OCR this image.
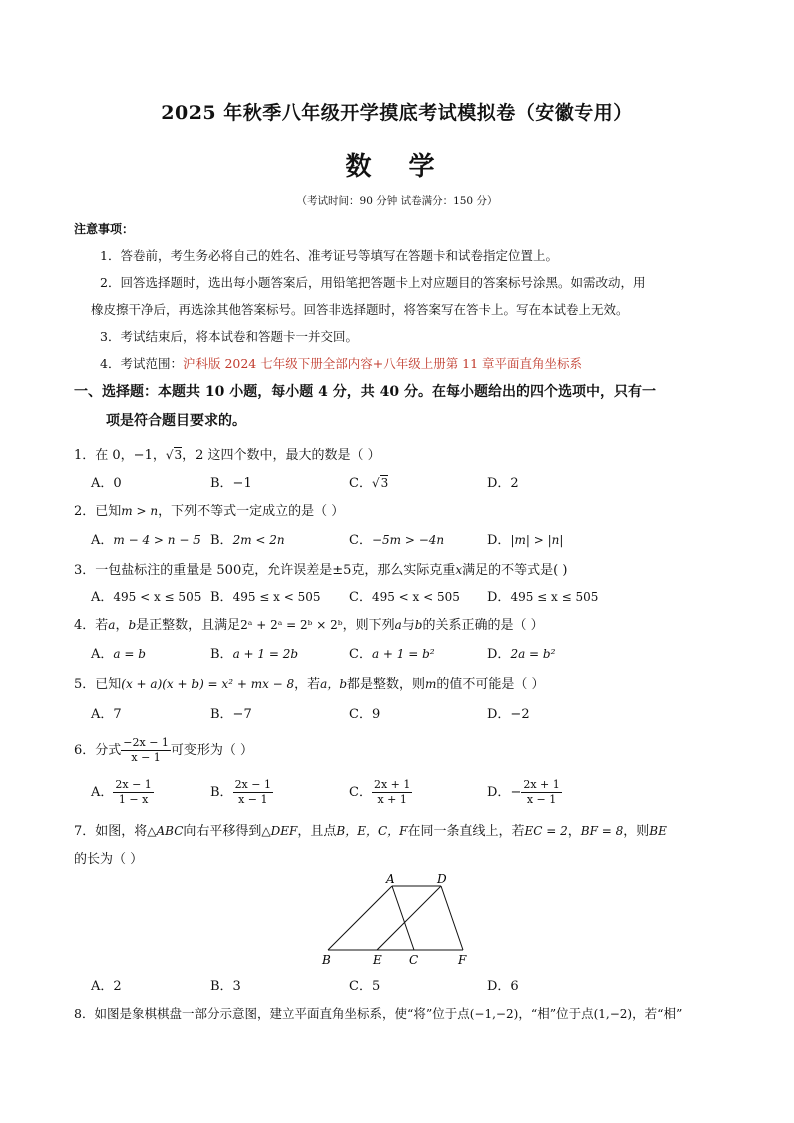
2025 年秋季八年级开学摸底考试模拟卷（安徽专用）
数 学
（考试时间：90 分钟 试卷满分：150 分）
注意事项：
1．答卷前，考生务必将自己的姓名、准考证号等填写在答题卡和试卷指定位置上。
2．回答选择题时，选出每小题答案后，用铅笔把答题卡上对应题目的答案标号涂黑。如需改动，用
橡皮擦干净后，再选涂其他答案标号。回答非选择题时，将答案写在答卡上。写在本试卷上无效。
3．考试结束后，将本试卷和答题卡一并交回。
4．考试范围：沪科版 2024 七年级下册全部内容+八年级上册第 11 章平面直角坐标系
一、选择题：本题共 10 小题，每小题 4 分，共 40 分。在每小题给出的四个选项中，只有一
项是符合题目要求的。
1．在 0，−1，√3，2 这四个数中，最大的数是（ ）
A．0	B．−1	C．√3	D．2
2．已知m > n，下列不等式一定成立的是（ ）
A．m − 4 > n − 5 B．2m < 2n	C．−5m > −4n	D．|m| > |n|
3．一包盐标注的重量是 500克，允许误差是±5克，那么实际克重x满足的不等式是( )
A．495 < x ≤ 505 B．495 ≤ x < 505 C．495 < x < 505 D．495 ≤ x ≤ 505
4．若a，b是正整数，且满足2ᵃ + 2ᵃ = 2ᵇ × 2ᵇ，则下列a与b的关系正确的是（ ）
A．a = b	B．a + 1 = 2b	C．a + 1 = b²	D．2a = b²
5．已知(x + a)(x + b) = x² + mx − 8，若a，b都是整数，则m的值不可能是（ ）
A．7	B．−7	C．9	D．−2
6．分式 $\frac{-2x - 1}{x - 1}$ 可变形为（ ）
A． $\frac{2x - 1}{1 - x}$	B． $\frac{2x - 1}{x - 1}$	C． $\frac{2x + 1}{x + 1}$	D．− $\frac{2x + 1}{x - 1}$
7．如图，将△ABC向右平移得到△DEF，且点B，E，C，F在同一条直线上，若EC = 2，BF = 8，则BE
的长为（ ）
A	D
B	E C	F
A．2	B．3	C．5	D．6
8．如图是象棋棋盘一部分示意图，建立平面直角坐标系，使“将”位于点(−1,−2)，“相”位于点(1,−2)，若“相”
